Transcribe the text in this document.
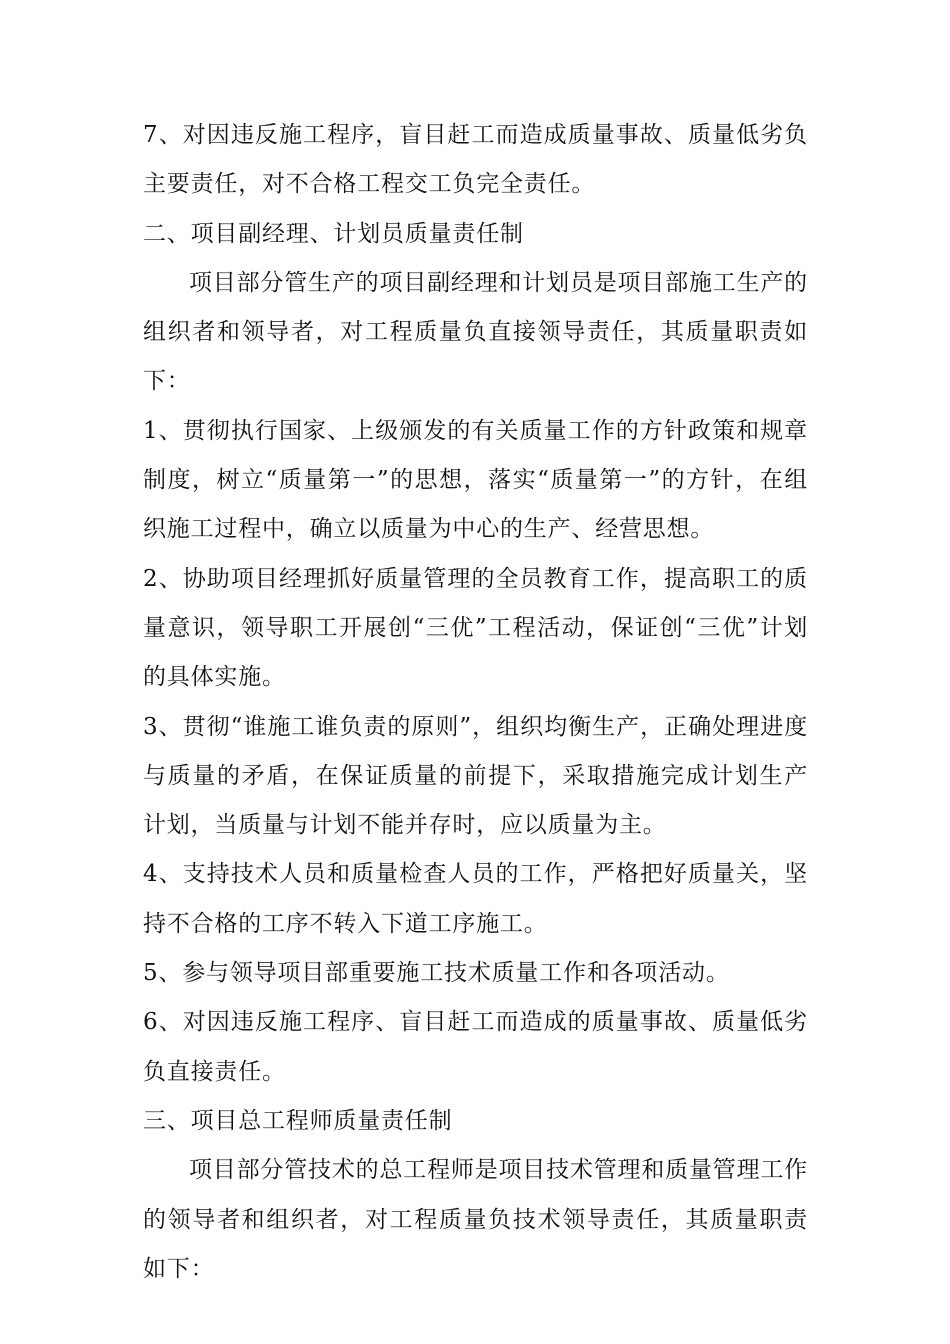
7、对因违反施工程序，盲目赶工而造成质量事故、质量低劣负主要责任，对不合格工程交工负完全责任。

二、项目副经理、计划员质量责任制

项目部分管生产的项目副经理和计划员是项目部施工生产的组织者和领导者，对工程质量负直接领导责任，其质量职责如下：

1、贯彻执行国家、上级颁发的有关质量工作的方针政策和规章制度，树立“质量第一”的思想，落实“质量第一”的方针，在组织施工过程中，确立以质量为中心的生产、经营思想。

2、协助项目经理抓好质量管理的全员教育工作，提高职工的质量意识，领导职工开展创“三优”工程活动，保证创“三优”计划的具体实施。

3、贯彻“谁施工谁负责的原则”，组织均衡生产，正确处理进度与质量的矛盾，在保证质量的前提下，采取措施完成计划生产计划，当质量与计划不能并存时，应以质量为主。

4、支持技术人员和质量检查人员的工作，严格把好质量关，坚持不合格的工序不转入下道工序施工。

5、参与领导项目部重要施工技术质量工作和各项活动。

6、对因违反施工程序、盲目赶工而造成的质量事故、质量低劣负直接责任。

三、项目总工程师质量责任制

项目部分管技术的总工程师是项目技术管理和质量管理工作的领导者和组织者，对工程质量负技术领导责任，其质量职责如下：
